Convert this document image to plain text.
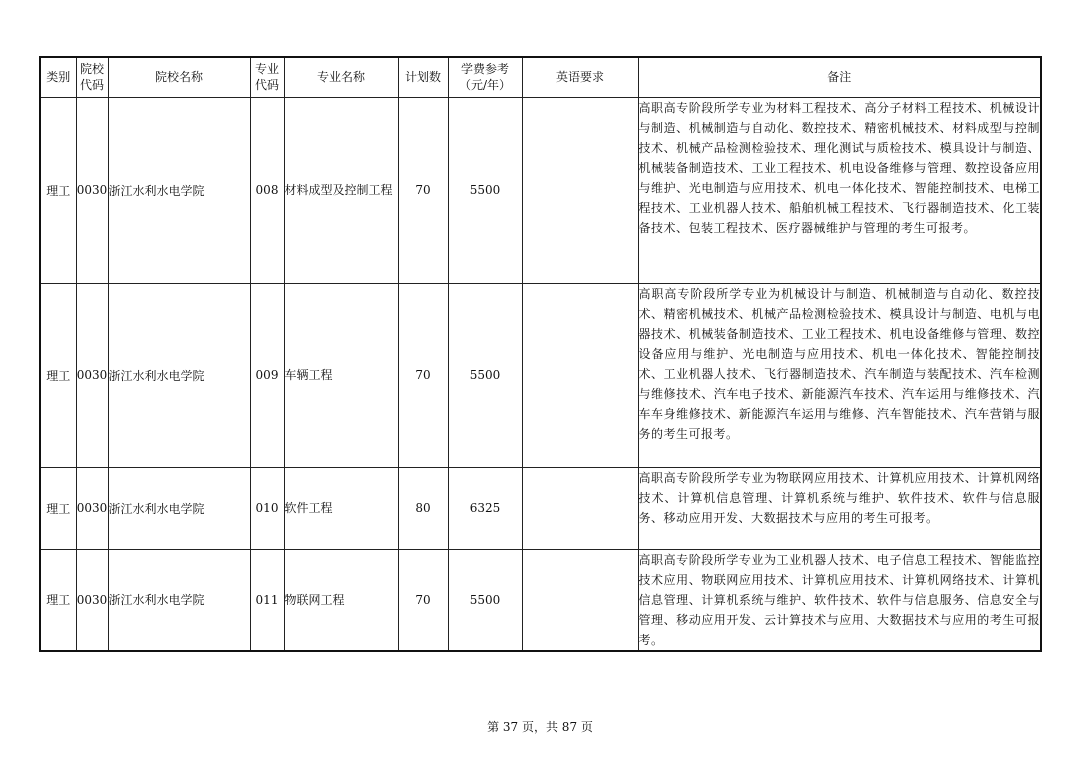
类别	院校代码	院校名称	专业代码	专业名称	计划数	学费参考（元/年）	英语要求	备注
理工	0030	浙江水利水电学院	008	材料成型及控制工程	70	5500		高职高专阶段所学专业为材料工程技术、高分子材料工程技术、机械设计与制造、机械制造与自动化、数控技术、精密机械技术、材料成型与控制技术、机械产品检测检验技术、理化测试与质检技术、模具设计与制造、机械装备制造技术、工业工程技术、机电设备维修与管理、数控设备应用与维护、光电制造与应用技术、机电一体化技术、智能控制技术、电梯工程技术、工业机器人技术、船舶机械工程技术、飞行器制造技术、化工装备技术、包装工程技术、医疗器械维护与管理的考生可报考。
理工	0030	浙江水利水电学院	009	车辆工程	70	5500		高职高专阶段所学专业为机械设计与制造、机械制造与自动化、数控技术、精密机械技术、机械产品检测检验技术、模具设计与制造、电机与电器技术、机械装备制造技术、工业工程技术、机电设备维修与管理、数控设备应用与维护、光电制造与应用技术、机电一体化技术、智能控制技术、工业机器人技术、飞行器制造技术、汽车制造与装配技术、汽车检测与维修技术、汽车电子技术、新能源汽车技术、汽车运用与维修技术、汽车车身维修技术、新能源汽车运用与维修、汽车智能技术、汽车营销与服务的考生可报考。
理工	0030	浙江水利水电学院	010	软件工程	80	6325		高职高专阶段所学专业为物联网应用技术、计算机应用技术、计算机网络技术、计算机信息管理、计算机系统与维护、软件技术、软件与信息服务、移动应用开发、大数据技术与应用的考生可报考。
理工	0030	浙江水利水电学院	011	物联网工程	70	5500		高职高专阶段所学专业为工业机器人技术、电子信息工程技术、智能监控技术应用、物联网应用技术、计算机应用技术、计算机网络技术、计算机信息管理、计算机系统与维护、软件技术、软件与信息服务、信息安全与管理、移动应用开发、云计算技术与应用、大数据技术与应用的考生可报考。
第 37 页，共 87 页
